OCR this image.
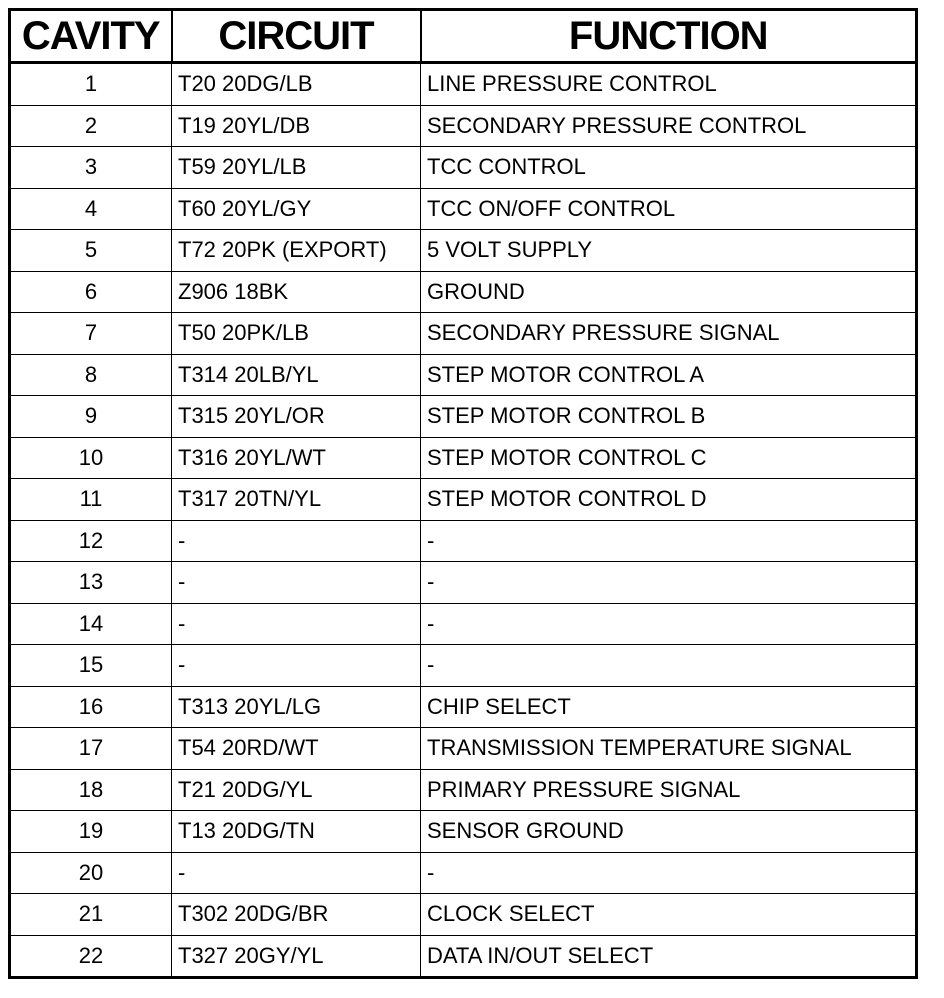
CAVITY	CIRCUIT	FUNCTION
1	T20 20DG/LB	LINE PRESSURE CONTROL
2	T19 20YL/DB	SECONDARY PRESSURE CONTROL
3	T59 20YL/LB	TCC CONTROL
4	T60 20YL/GY	TCC ON/OFF CONTROL
5	T72 20PK (EXPORT)	5 VOLT SUPPLY
6	Z906 18BK	GROUND
7	T50 20PK/LB	SECONDARY PRESSURE SIGNAL
8	T314 20LB/YL	STEP MOTOR CONTROL A
9	T315 20YL/OR	STEP MOTOR CONTROL B
10	T316 20YL/WT	STEP MOTOR CONTROL C
11	T317 20TN/YL	STEP MOTOR CONTROL D
12	-	-
13	-	-
14	-	-
15	-	-
16	T313 20YL/LG	CHIP SELECT
17	T54 20RD/WT	TRANSMISSION TEMPERATURE SIGNAL
18	T21 20DG/YL	PRIMARY PRESSURE SIGNAL
19	T13 20DG/TN	SENSOR GROUND
20	-	-
21	T302 20DG/BR	CLOCK SELECT
22	T327 20GY/YL	DATA IN/OUT SELECT
